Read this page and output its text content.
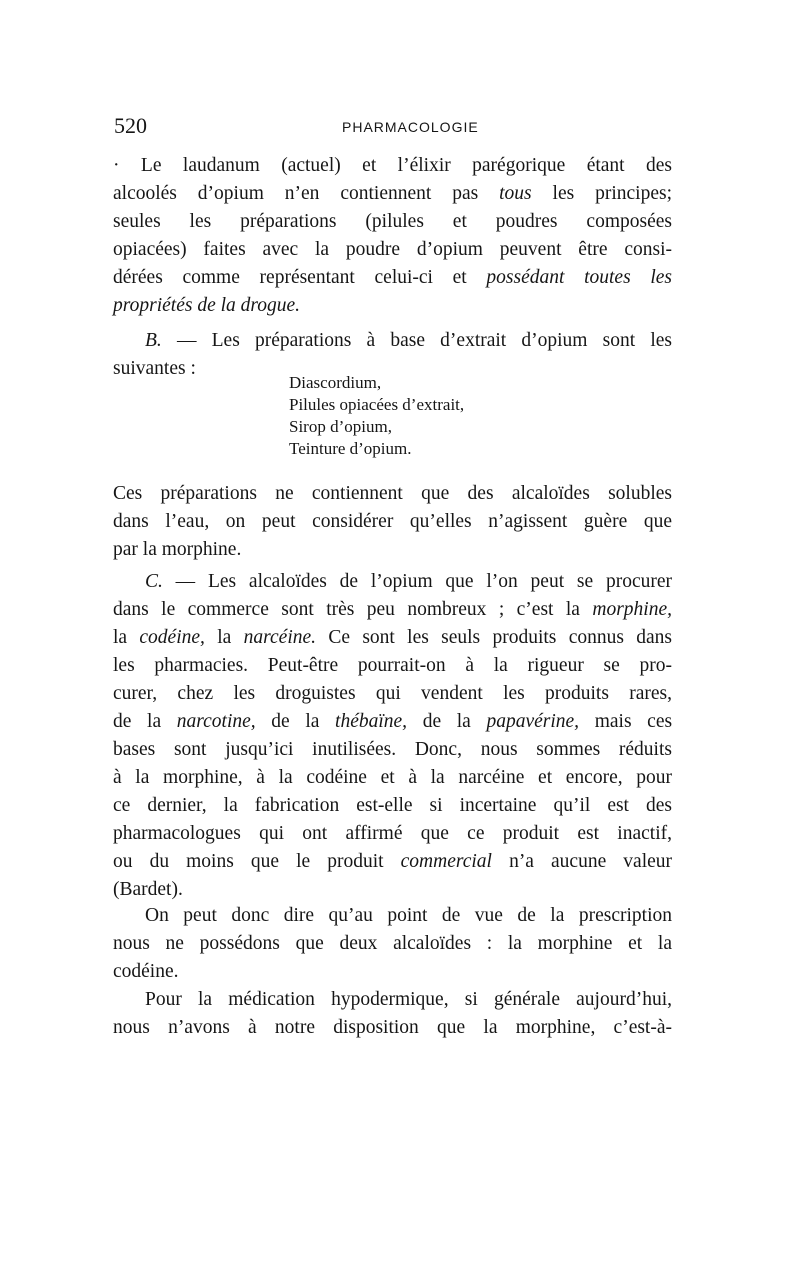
520	PHARMACOLOGIE
· Le laudanum (actuel) et l’élixir parégorique étant des
alcoolés d’opium n’en contiennent pas tous les principes;
seules les préparations (pilules et poudres composées
opiacées) faites avec la poudre d’opium peuvent être consi-
dérées comme représentant celui-ci et possédant toutes les
propriétés de la drogue.
B. — Les préparations à base d’extrait d’opium sont les
suivantes :
Diascordium,
Pilules opiacées d’extrait,
Sirop d’opium,
Teinture d’opium.
Ces préparations ne contiennent que des alcaloïdes solubles
dans l’eau, on peut considérer qu’elles n’agissent guère que
par la morphine.
C. — Les alcaloïdes de l’opium que l’on peut se procurer
dans le commerce sont très peu nombreux ; c’est la morphine,
la codéine, la narcéine. Ce sont les seuls produits connus dans
les pharmacies. Peut-être pourrait-on à la rigueur se pro-
curer, chez les droguistes qui vendent les produits rares,
de la narcotine, de la thébaïne, de la papavérine, mais ces
bases sont jusqu’ici inutilisées. Donc, nous sommes réduits
à la morphine, à la codéine et à la narcéine et encore, pour
ce dernier, la fabrication est-elle si incertaine qu’il est des
pharmacologues qui ont affirmé que ce produit est inactif,
ou du moins que le produit commercial n’a aucune valeur
(Bardet).
On peut donc dire qu’au point de vue de la prescription
nous ne possédons que deux alcaloïdes : la morphine et la
codéine.
Pour la médication hypodermique, si générale aujourd’hui,
nous n’avons à notre disposition que la morphine, c’est-à-
